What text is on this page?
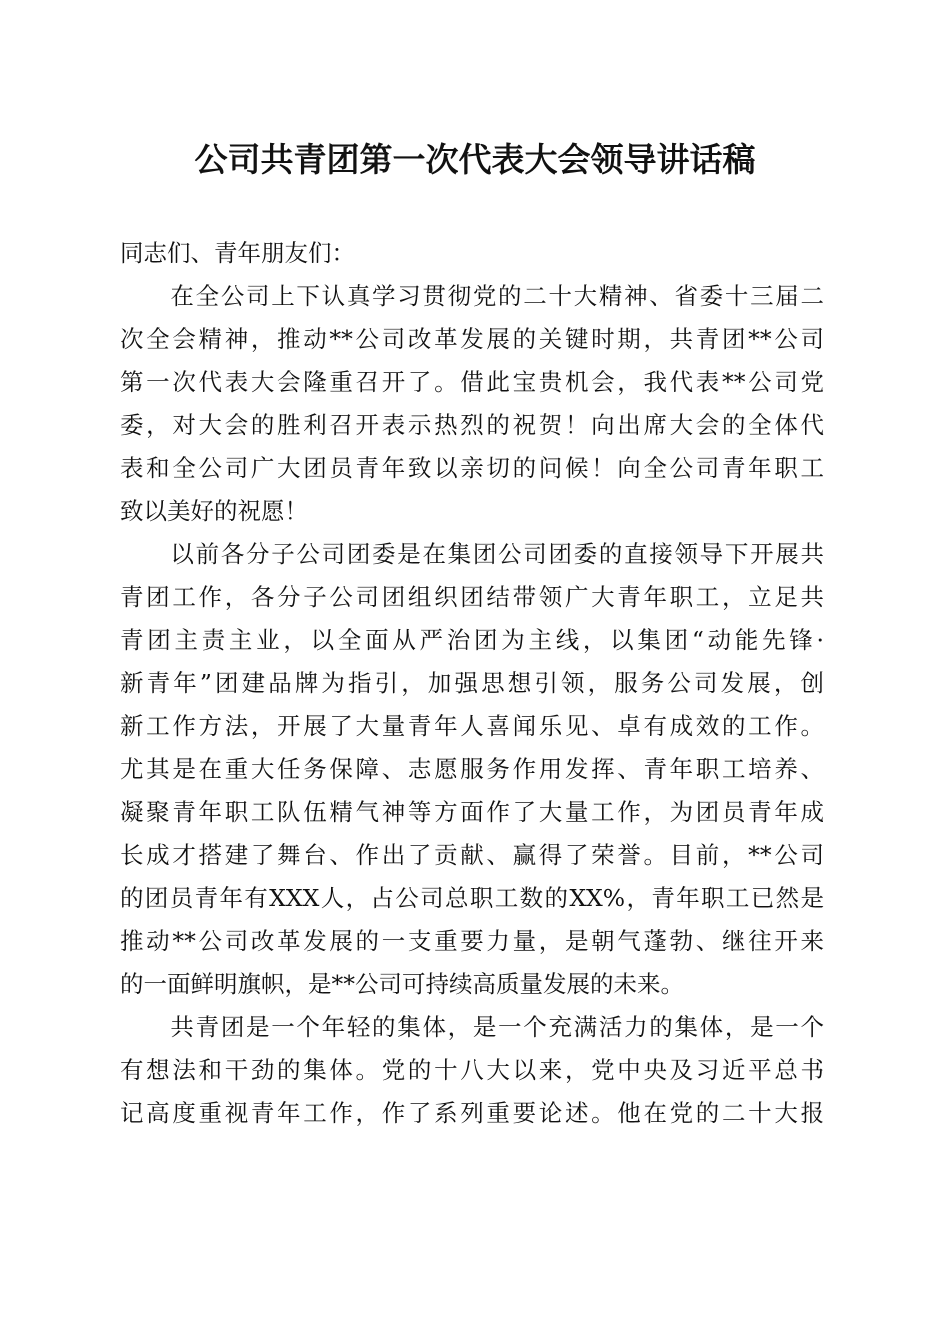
公司共青团第一次代表大会领导讲话稿
同志们、青年朋友们：
　　在全公司上下认真学习贯彻党的二十大精神、省委十三届二
次全会精神，推动**公司改革发展的关键时期，共青团**公司
第一次代表大会隆重召开了。借此宝贵机会，我代表**公司党
委，对大会的胜利召开表示热烈的祝贺！向出席大会的全体代
表和全公司广大团员青年致以亲切的问候！向全公司青年职工
致以美好的祝愿！
　　以前各分子公司团委是在集团公司团委的直接领导下开展共
青团工作，各分子公司团组织团结带领广大青年职工，立足共
青团主责主业，以全面从严治团为主线，以集团“动能先锋·
新青年”团建品牌为指引，加强思想引领，服务公司发展，创
新工作方法，开展了大量青年人喜闻乐见、卓有成效的工作。
尤其是在重大任务保障、志愿服务作用发挥、青年职工培养、
凝聚青年职工队伍精气神等方面作了大量工作，为团员青年成
长成才搭建了舞台、作出了贡献、赢得了荣誉。目前，**公司
的团员青年有XXX人，占公司总职工数的XX%，青年职工已然是
推动**公司改革发展的一支重要力量，是朝气蓬勃、继往开来
的一面鲜明旗帜，是**公司可持续高质量发展的未来。
　　共青团是一个年轻的集体，是一个充满活力的集体，是一个
有想法和干劲的集体。党的十八大以来，党中央及习近平总书
记高度重视青年工作，作了系列重要论述。他在党的二十大报
